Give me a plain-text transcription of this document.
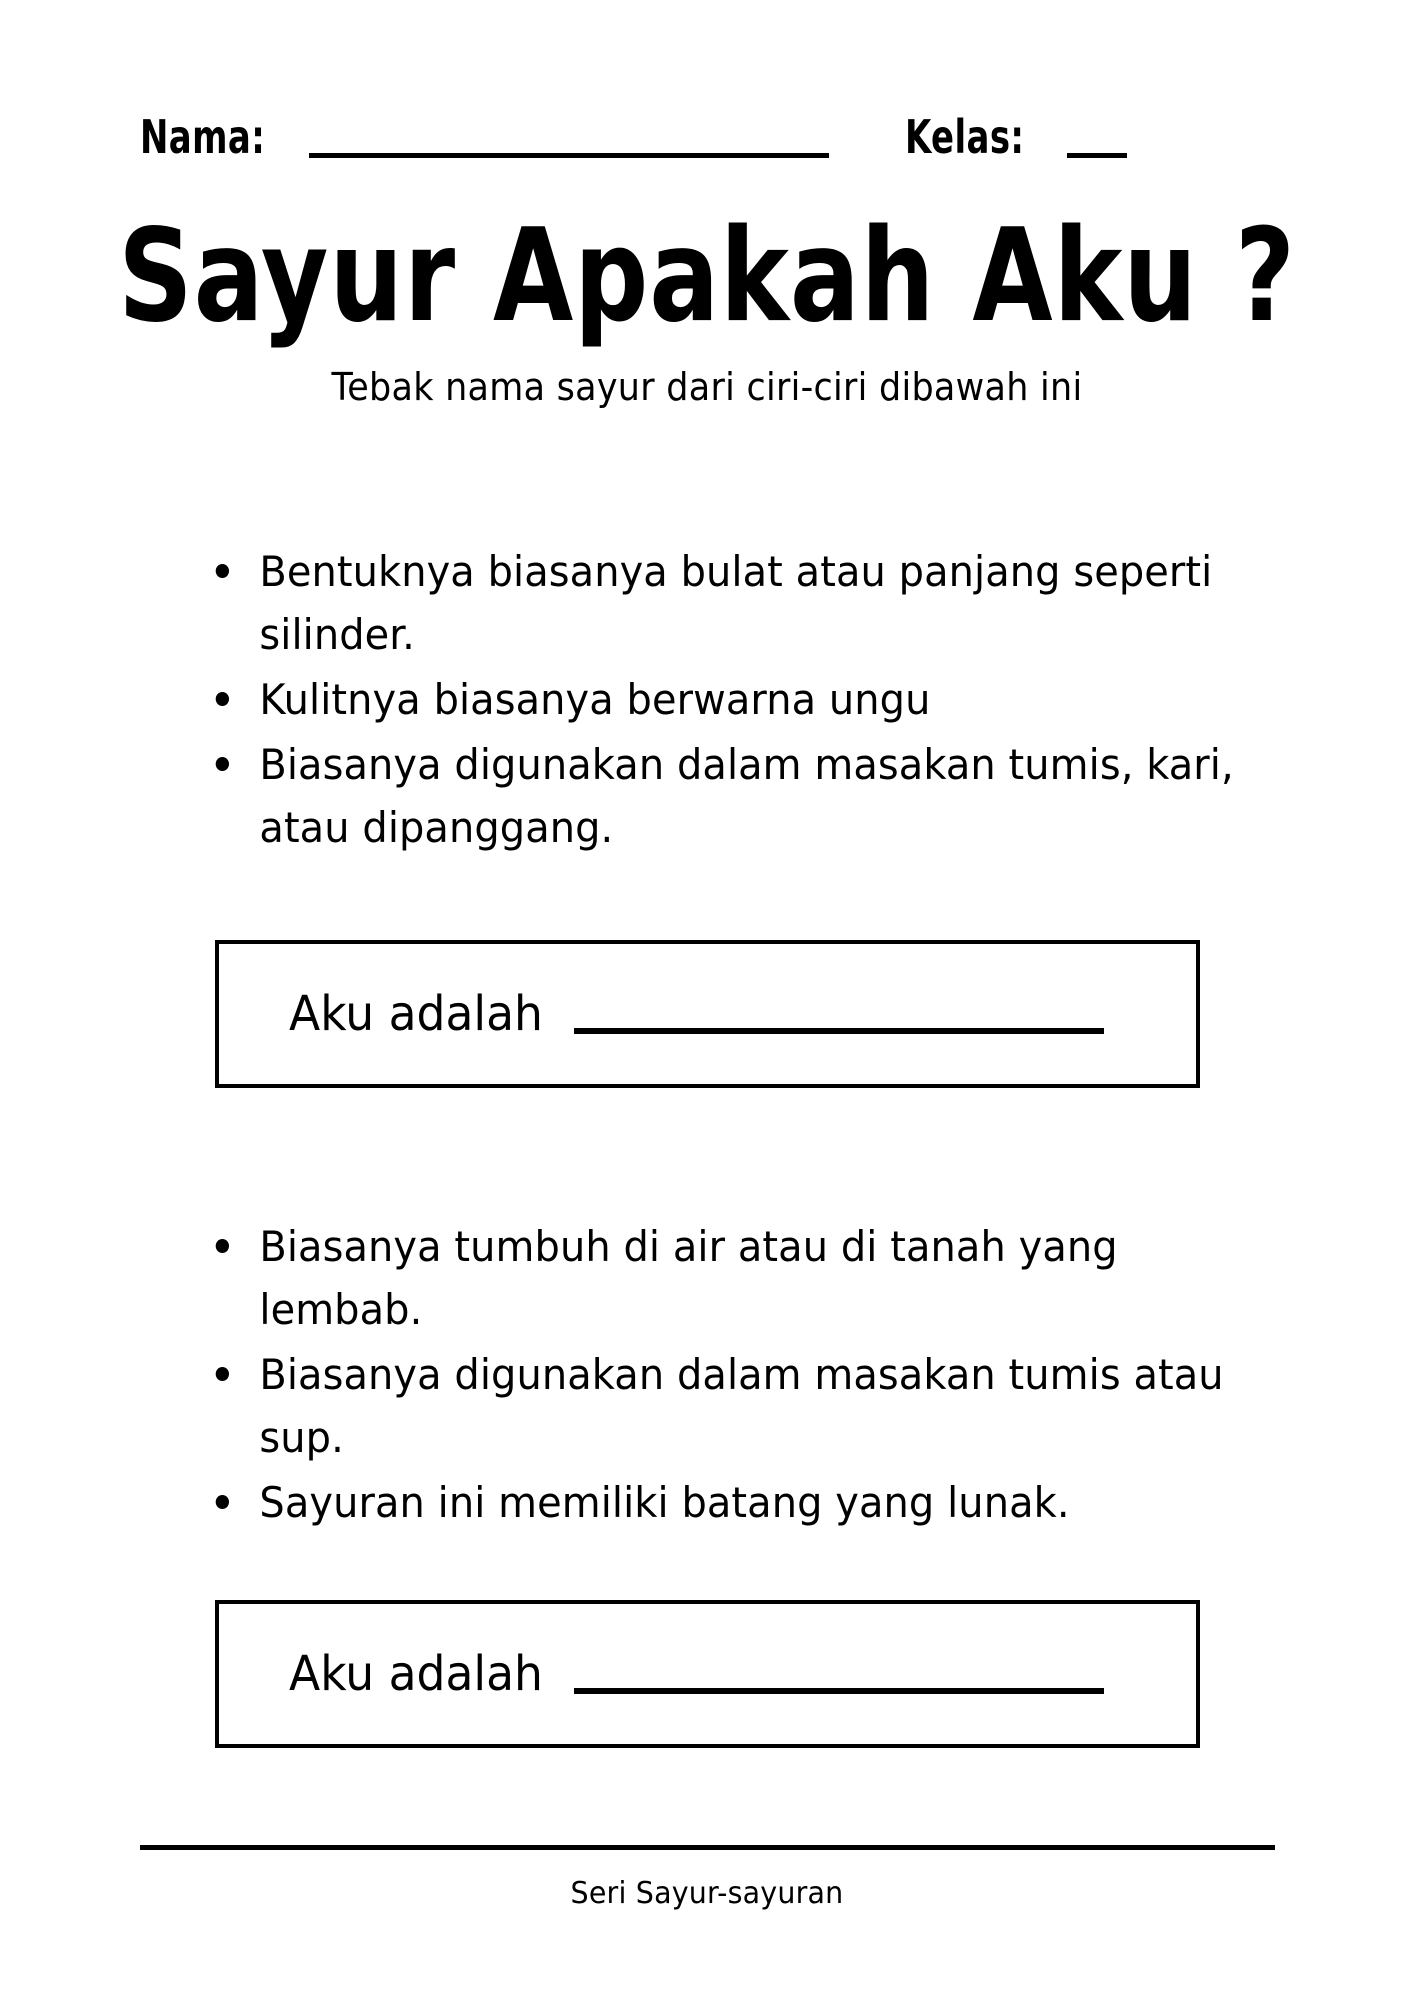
Nama:	Kelas:
Sayur Apakah Aku ?

Tebak nama sayur dari ciri-ciri dibawah ini

Bentuknya biasanya bulat atau panjang seperti silinder.
Kulitnya biasanya berwarna ungu
Biasanya digunakan dalam masakan tumis, kari, atau dipanggang.
Aku adalah
Biasanya tumbuh di air atau di tanah yang lembab.
Biasanya digunakan dalam masakan tumis atau sup.
Sayuran ini memiliki batang yang lunak.
Aku adalah
Seri Sayur-sayuran
